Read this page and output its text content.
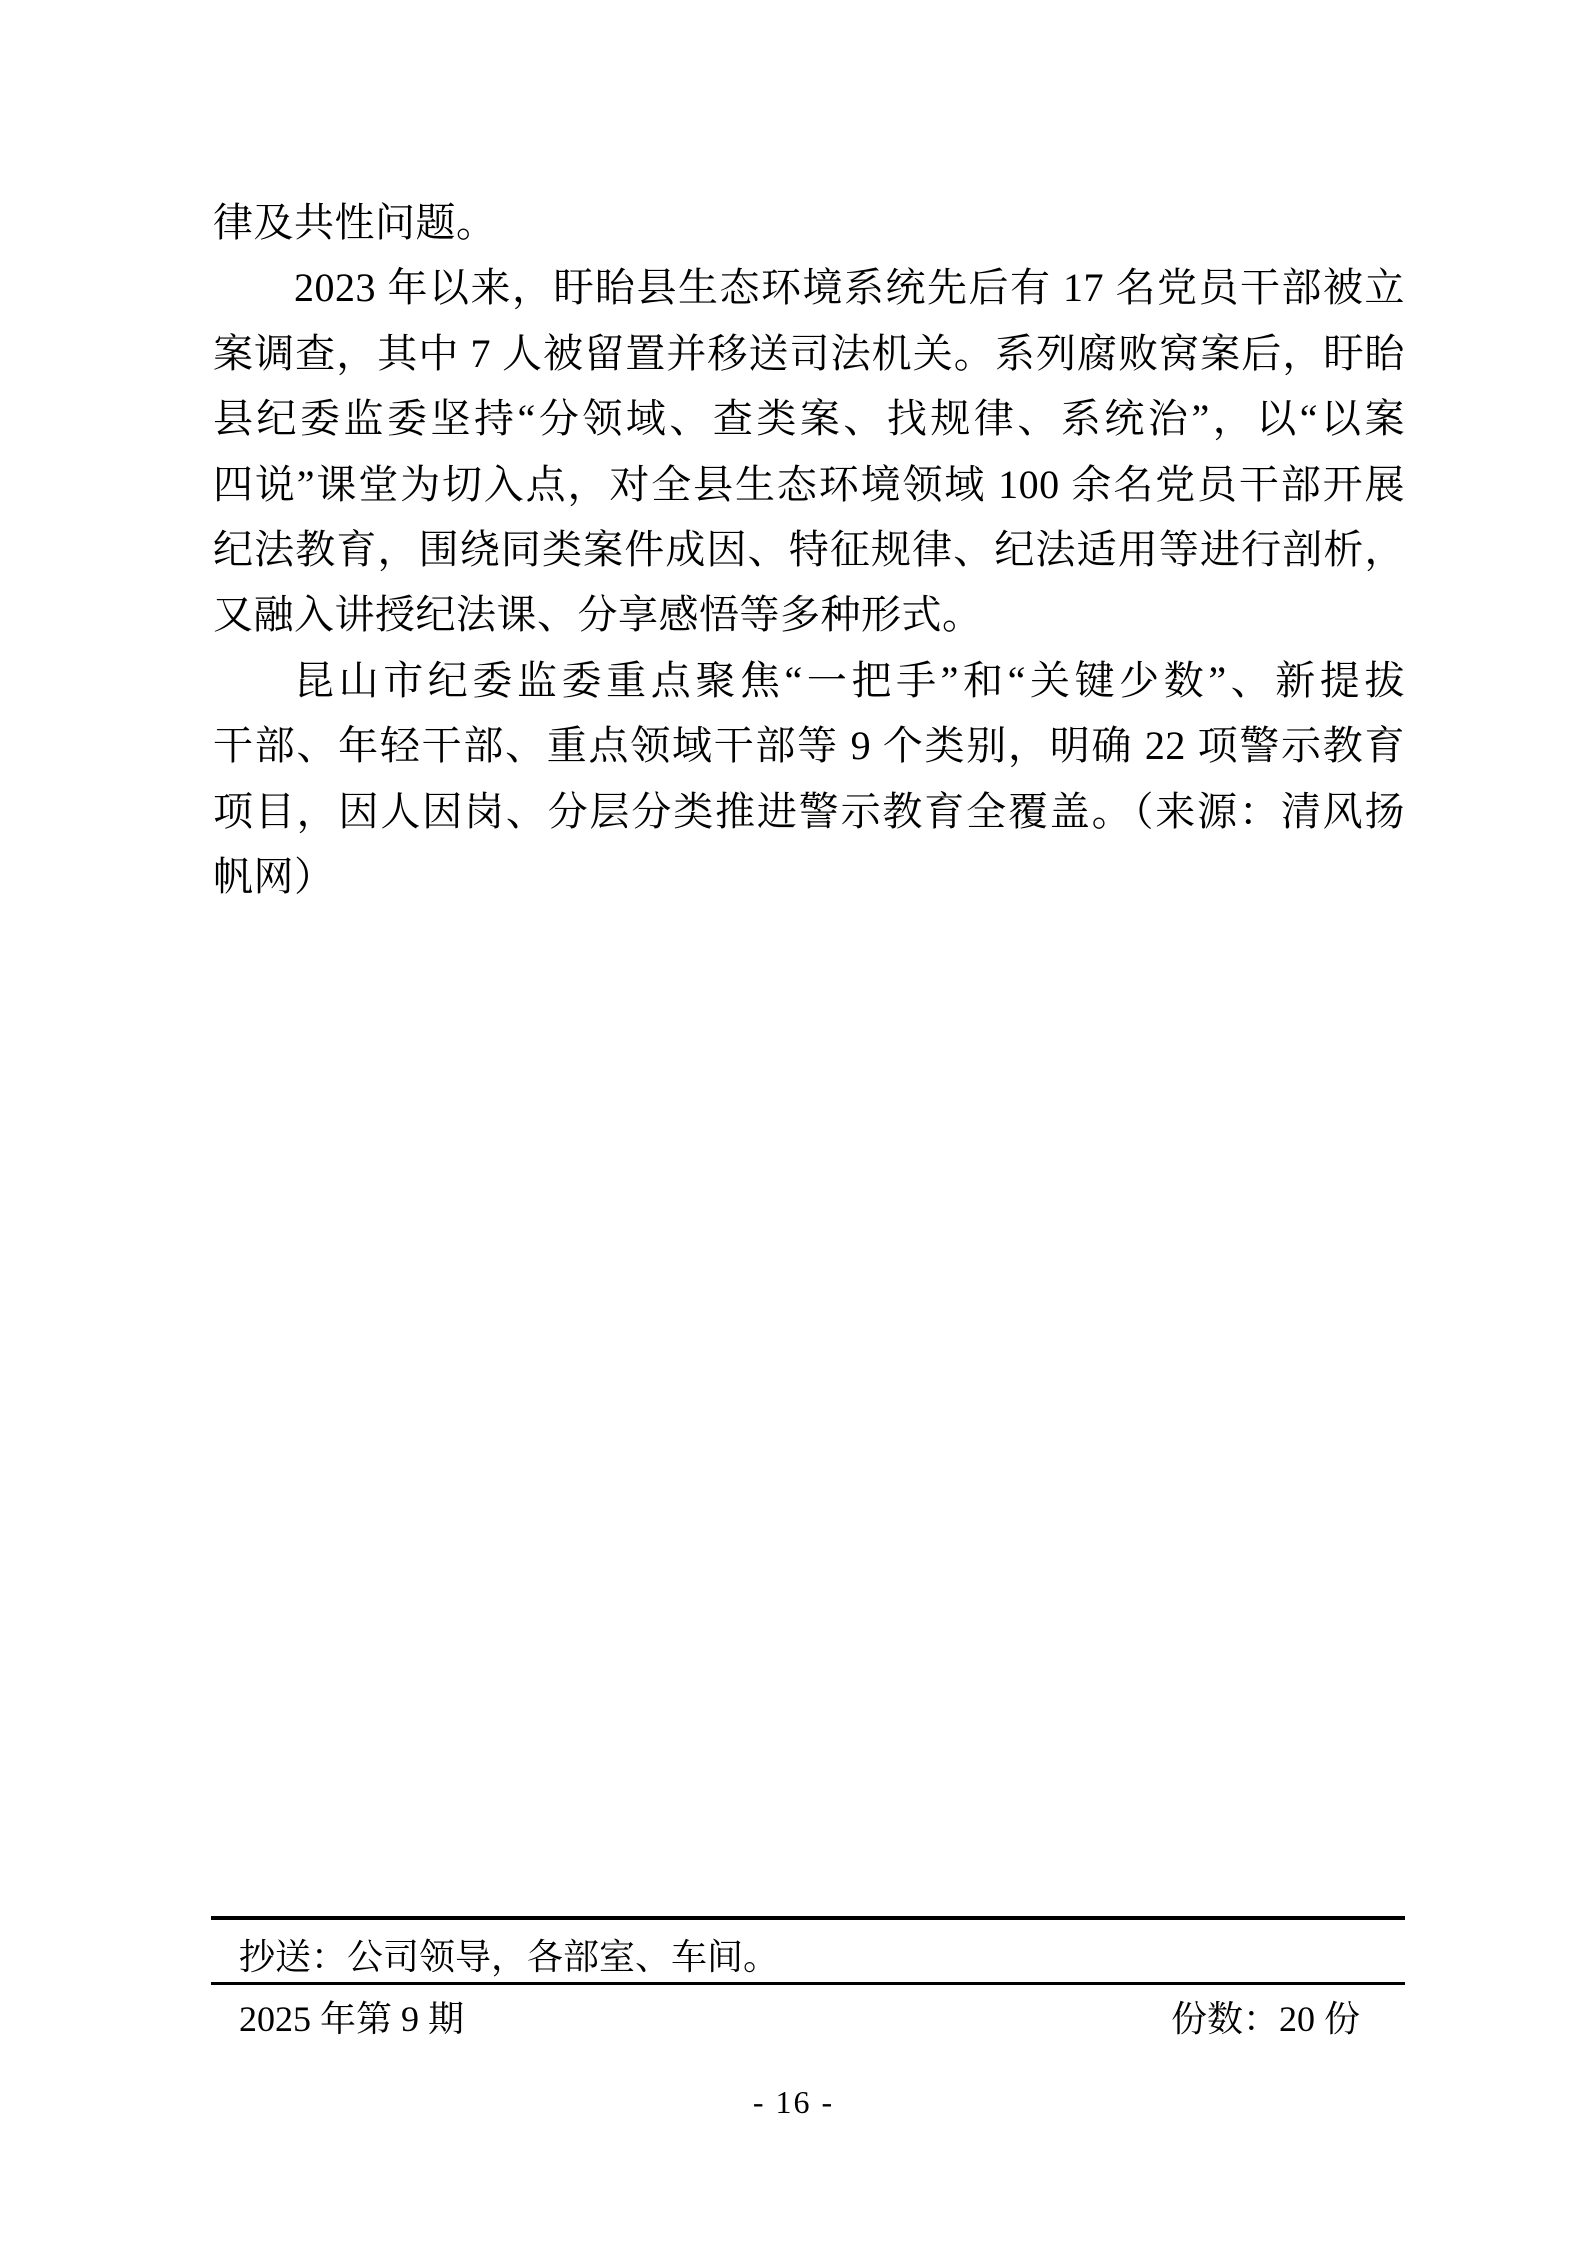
律及共性问题。
2023 年以来，盱眙县生态环境系统先后有 17 名党员干部被立
案调查，其中 7 人被留置并移送司法机关。系列腐败窝案后，盱眙
县纪委监委坚持“分领域、查类案、找规律、系统治”，以“以案
四说”课堂为切入点，对全县生态环境领域 100 余名党员干部开展
纪法教育，围绕同类案件成因、特征规律、纪法适用等进行剖析，
又融入讲授纪法课、分享感悟等多种形式。
昆山市纪委监委重点聚焦“一把手”和“关键少数”、新提拔
干部、年轻干部、重点领域干部等 9 个类别，明确 22 项警示教育
项目，因人因岗、分层分类推进警示教育全覆盖。（来源：清风扬
帆网）
抄送：公司领导，各部室、车间。
2025 年第 9 期	份数：20 份
- 16 -
